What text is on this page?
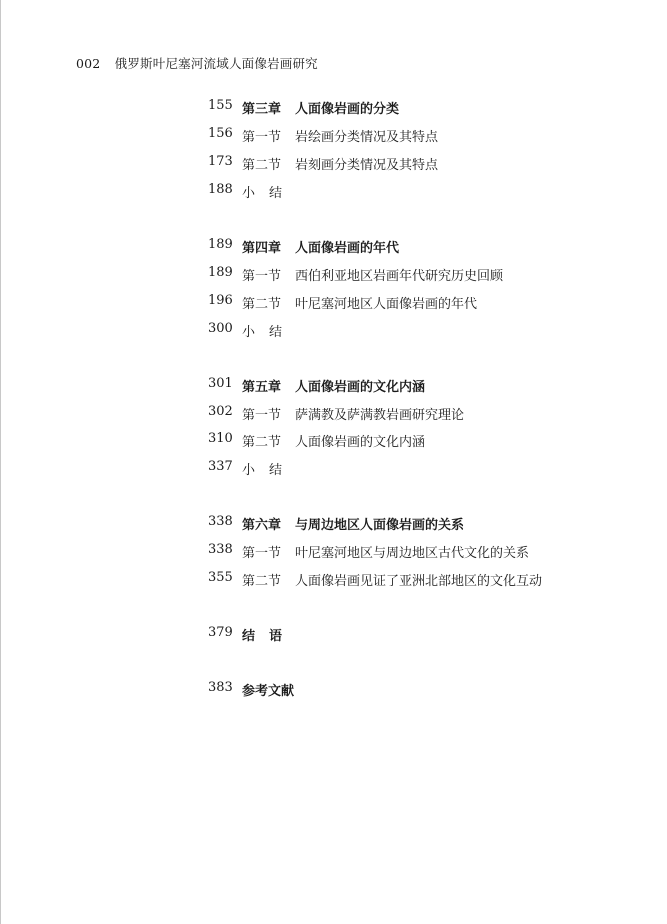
002 俄罗斯叶尼塞河流域人面像岩画研究
155 第三章 人面像岩画的分类
156 第一节 岩绘画分类情况及其特点
173 第二节 岩刻画分类情况及其特点
188 小结
189 第四章 人面像岩画的年代
189 第一节 西伯利亚地区岩画年代研究历史回顾
196 第二节 叶尼塞河地区人面像岩画的年代
300 小结
301 第五章 人面像岩画的文化内涵
302 第一节 萨满教及萨满教岩画研究理论
310 第二节 人面像岩画的文化内涵
337 小结
338 第六章 与周边地区人面像岩画的关系
338 第一节 叶尼塞河地区与周边地区古代文化的关系
355 第二节 人面像岩画见证了亚洲北部地区的文化互动
379 结语
383 参考文献
